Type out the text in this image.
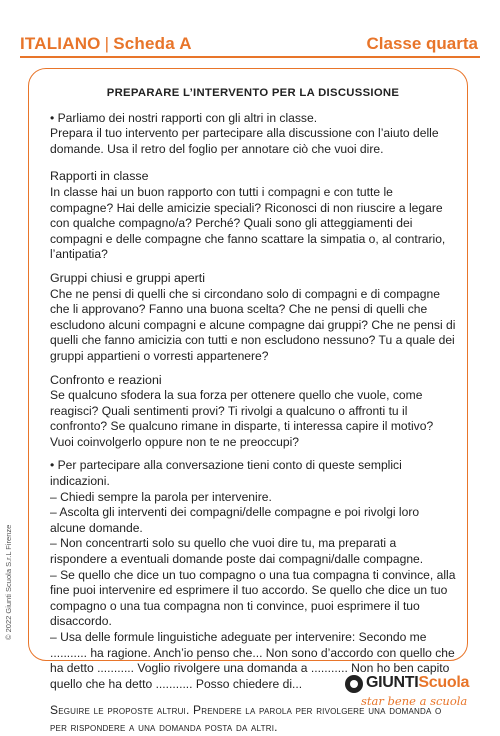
ITALIANO | Scheda A	Classe quarta
PREPARARE L’INTERVENTO PER LA DISCUSSIONE

• Parliamo dei nostri rapporti con gli altri in classe.

Prepara il tuo intervento per partecipare alla discussione con l’aiuto delle domande. Usa il retro del foglio per annotare ciò che vuoi dire.

Rapporti in classe

In classe hai un buon rapporto con tutti i compagni e con tutte le compagne? Hai delle amicizie speciali? Riconosci di non riuscire a legare con qualche compagno/a? Perché? Quali sono gli atteggiamenti dei compagni e delle compagne che fanno scattare la simpatia o, al contrario, l’antipatia?

Gruppi chiusi e gruppi aperti

Che ne pensi di quelli che si circondano solo di compagni e di compagne che li approvano? Fanno una buona scelta? Che ne pensi di quelli che escludono alcuni compagni e alcune compagne dai gruppi? Che ne pensi di quelli che fanno amicizia con tutti e non escludono nessuno? Tu a quale dei gruppi appartieni o vorresti appartenere?

Confronto e reazioni

Se qualcuno sfodera la sua forza per ottenere quello che vuole, come reagisci? Quali sentimenti provi? Ti rivolgi a qualcuno o affronti tu il confronto? Se qualcuno rimane in disparte, ti interessa capire il motivo? Vuoi coinvolgerlo oppure non te ne preoccupi?

• Per partecipare alla conversazione tieni conto di queste semplici indicazioni.

– Chiedi sempre la parola per intervenire.

– Ascolta gli interventi dei compagni/delle compagne e poi rivolgi loro alcune domande.

– Non concentrarti solo su quello che vuoi dire tu, ma preparati a rispondere a eventuali domande poste dai compagni/dalle compagne.

– Se quello che dice un tuo compagno o una tua compagna ti convince, alla fine puoi intervenire ed esprimere il tuo accordo. Se quello che dice un tuo compagno o una tua compagna non ti convince, puoi esprimere il tuo disaccordo.

– Usa delle formule linguistiche adeguate per intervenire: Secondo me ........... ha ragione. Anch’io penso che... Non sono d’accordo con quello che ha detto ........... Voglio rivolgere una domanda a ........... Non ho ben capito quello che ha detto ........... Posso chiedere di...

Seguire le proposte altrui. Prendere la parola per rivolgere una domanda o per rispondere a una domanda posta da altri.

© 2022 Giunti Scuola S.r.L Firenze
GIUNTIScuola
star bene a scuola
